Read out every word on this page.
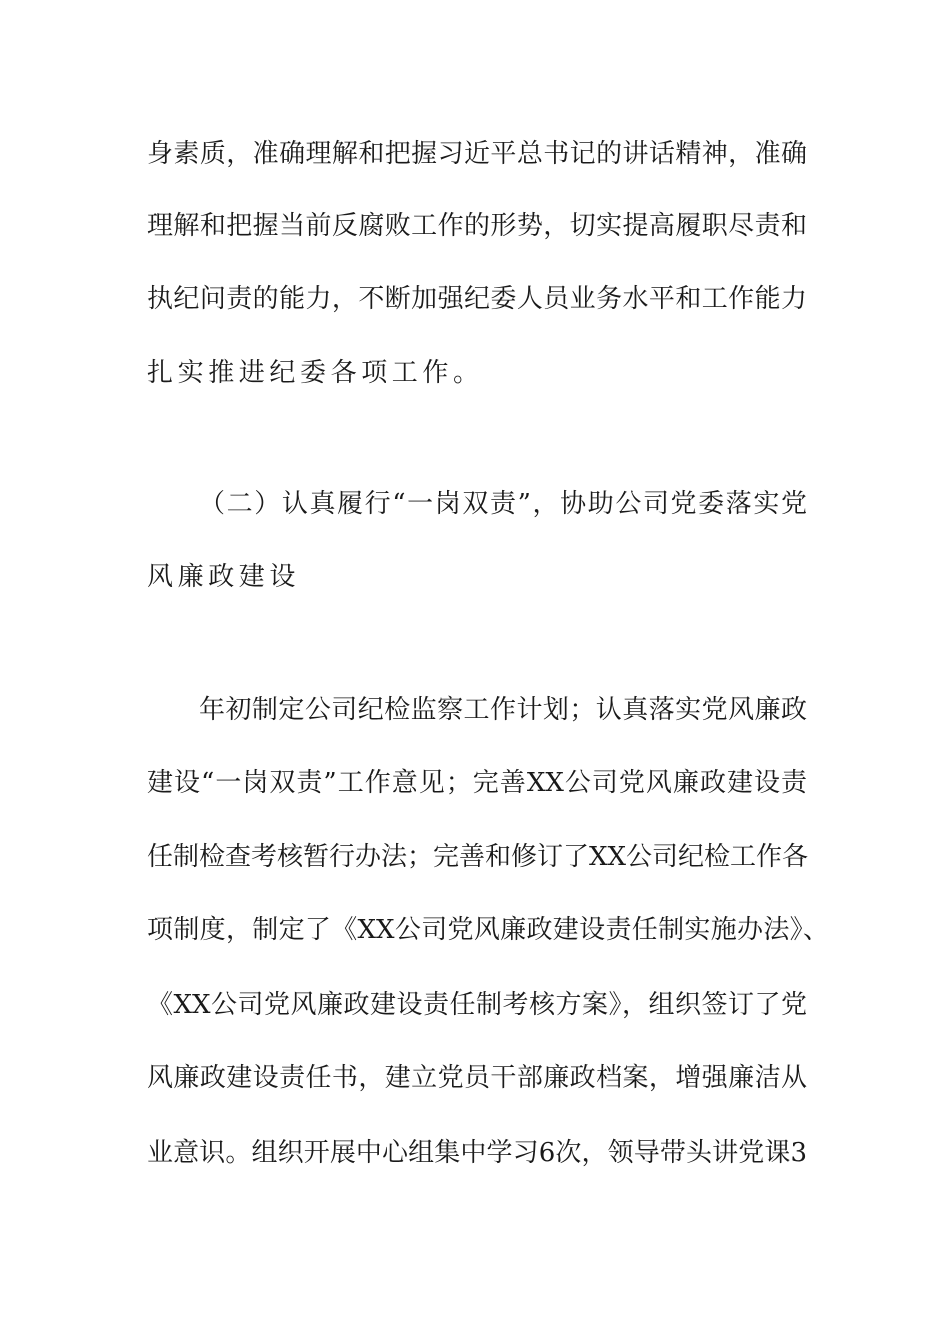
身素质，准确理解和把握习近平总书记的讲话精神，准确
理解和把握当前反腐败工作的形势，切实提高履职尽责和
执纪问责的能力，不断加强纪委人员业务水平和工作能力
扎实推进纪委各项工作。
（二）认真履行“一岗双责”，协助公司党委落实党
风廉政建设
年初制定公司纪检监察工作计划；认真落实党风廉政
建设“一岗双责”工作意见；完善XX公司党风廉政建设责
任制检查考核暂行办法；完善和修订了XX公司纪检工作各
项制度，制定了《XX公司党风廉政建设责任制实施办法》、
《XX公司党风廉政建设责任制考核方案》，组织签订了党
风廉政建设责任书，建立党员干部廉政档案，增强廉洁从
业意识。组织开展中心组集中学习6次，领导带头讲党课3
